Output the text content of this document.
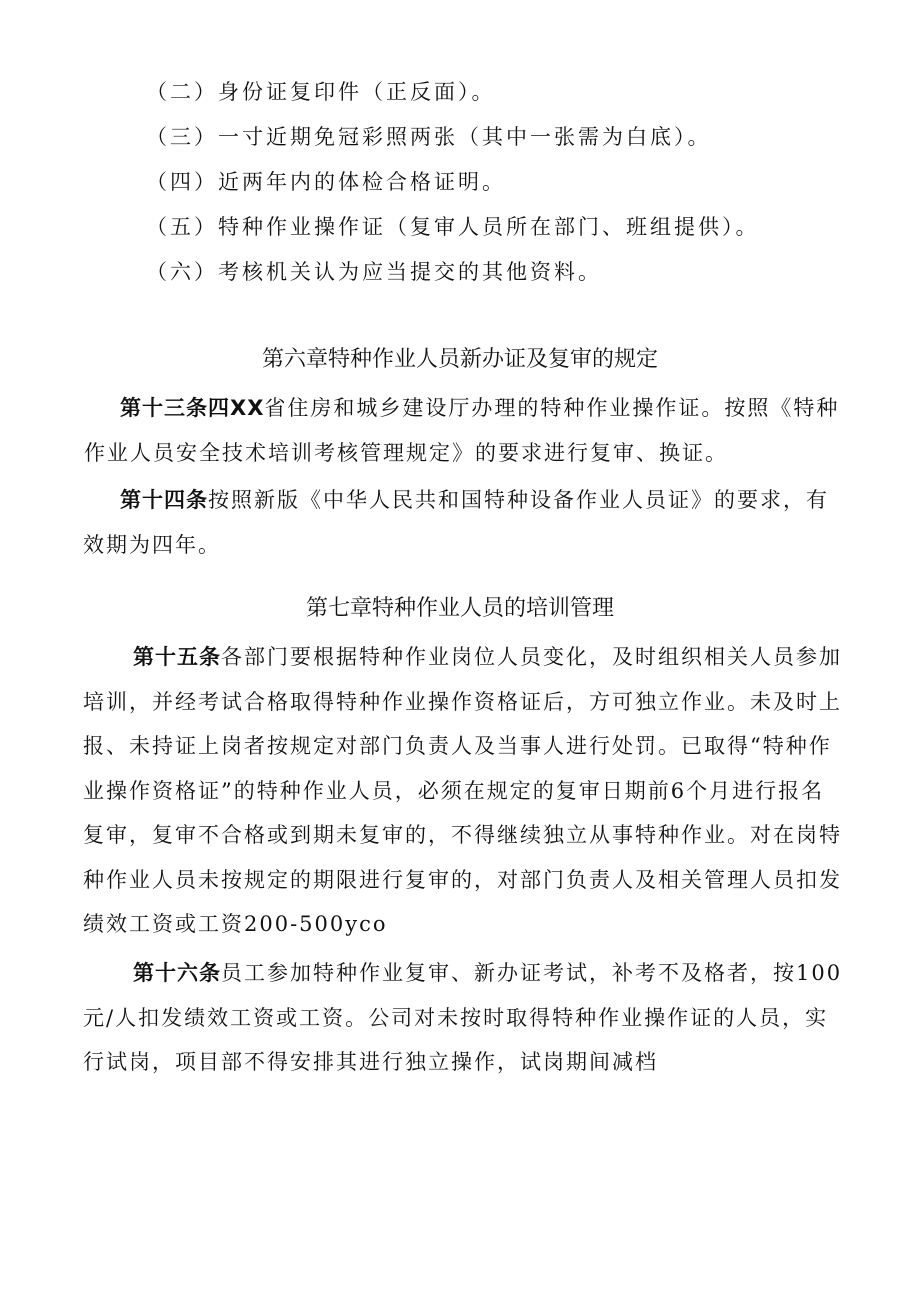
（二）身份证复印件（正反面）。
（三）一寸近期免冠彩照两张（其中一张需为白底）。
（四）近两年内的体检合格证明。
（五）特种作业操作证（复审人员所在部门、班组提供）。
（六）考核机关认为应当提交的其他资料。
第六章特种作业人员新办证及复审的规定
第十三条四XX省住房和城乡建设厅办理的特种作业操作证。按照《特种
作业人员安全技术培训考核管理规定》的要求进行复审、换证。
第十四条按照新版《中华人民共和国特种设备作业人员证》的要求，有
效期为四年。
第七章特种作业人员的培训管理
第十五条各部门要根据特种作业岗位人员变化，及时组织相关人员参加
培训，并经考试合格取得特种作业操作资格证后，方可独立作业。未及时上
报、未持证上岗者按规定对部门负责人及当事人进行处罚。已取得“特种作
业操作资格证”的特种作业人员，必须在规定的复审日期前6个月进行报名
复审，复审不合格或到期未复审的，不得继续独立从事特种作业。对在岗特
种作业人员未按规定的期限进行复审的，对部门负责人及相关管理人员扣发
绩效工资或工资200-500yco
第十六条员工参加特种作业复审、新办证考试，补考不及格者，按100
元/人扣发绩效工资或工资。公司对未按时取得特种作业操作证的人员，实
行试岗，项目部不得安排其进行独立操作，试岗期间减档
